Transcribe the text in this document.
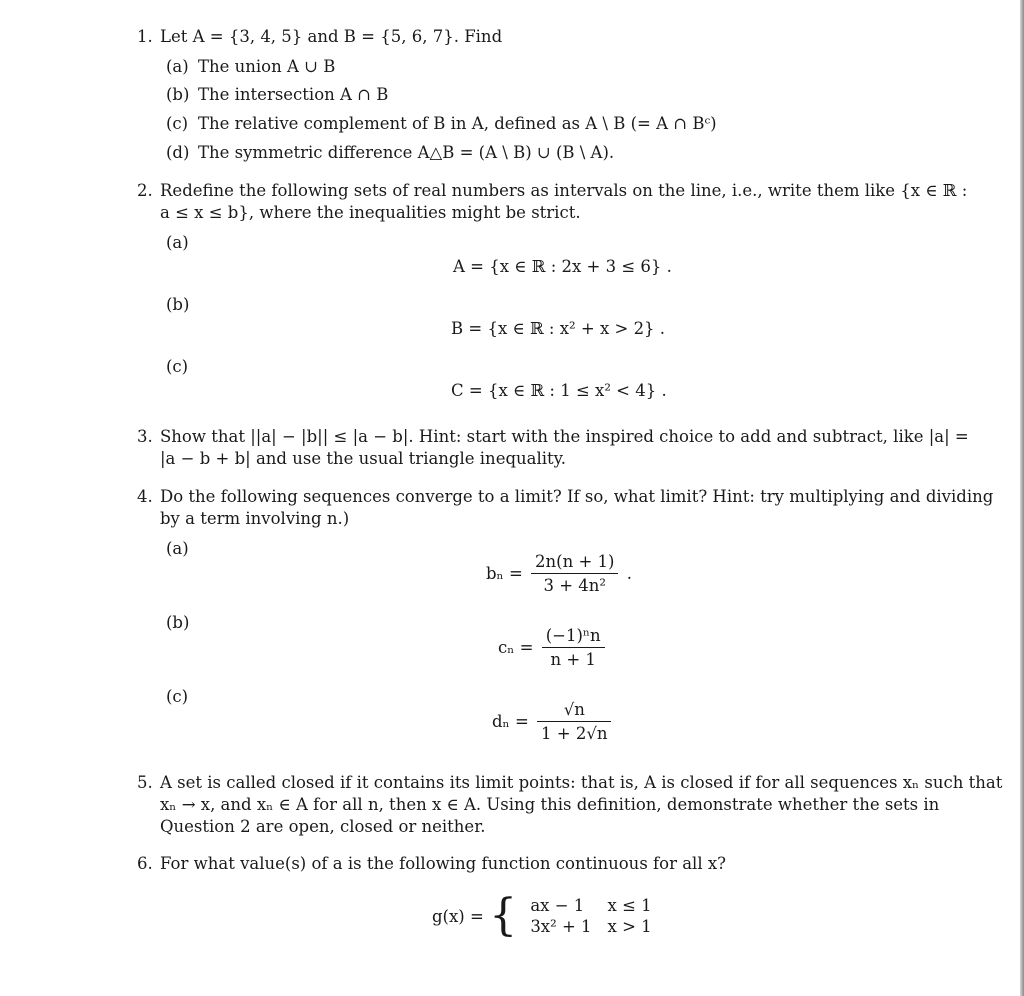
1. Let A = {3, 4, 5} and B = {5, 6, 7}. Find
(a) The union A ∪ B
(b) The intersection A ∩ B
(c) The relative complement of B in A, defined as A \ B (= A ∩ Bᶜ)
(d) The symmetric difference A△B = (A \ B) ∪ (B \ A).
2. Redefine the following sets of real numbers as intervals on the line, i.e., write them like {x ∈ ℝ :
a ≤ x ≤ b}, where the inequalities might be strict.
(a)
A = {x ∈ ℝ : 2x + 3 ≤ 6} .
(b)
B = {x ∈ ℝ : x² + x > 2} .
(c)
C = {x ∈ ℝ : 1 ≤ x² < 4} .
3. Show that ||a| − |b|| ≤ |a − b|. Hint: start with the inspired choice to add and subtract, like |a| =
|a − b + b| and use the usual triangle inequality.
4. Do the following sequences converge to a limit? If so, what limit? Hint: try multiplying and dividing
by a term involving n.)
(a)
$b_n = \frac{2n(n + 1)}{\text{3 + 4n²}}$ .
(b)
$c_n = \frac{\text{(−1)ⁿn}}{n + 1}$

(c)
$d_n = \frac{√n}{1 + 2√n}$

5. A set is called closed if it contains its limit points: that is, A is closed if for all sequences xₙ such that
xₙ → x, and xₙ ∈ A for all n, then x ∈ A. Using this definition, demonstrate whether the sets in
Question 2 are open, closed or neither.
6. For what value(s) of a is the following function continuous for all x?
g(x) = { ax − 1	x ≤ 1
3x² + 1	x > 1
